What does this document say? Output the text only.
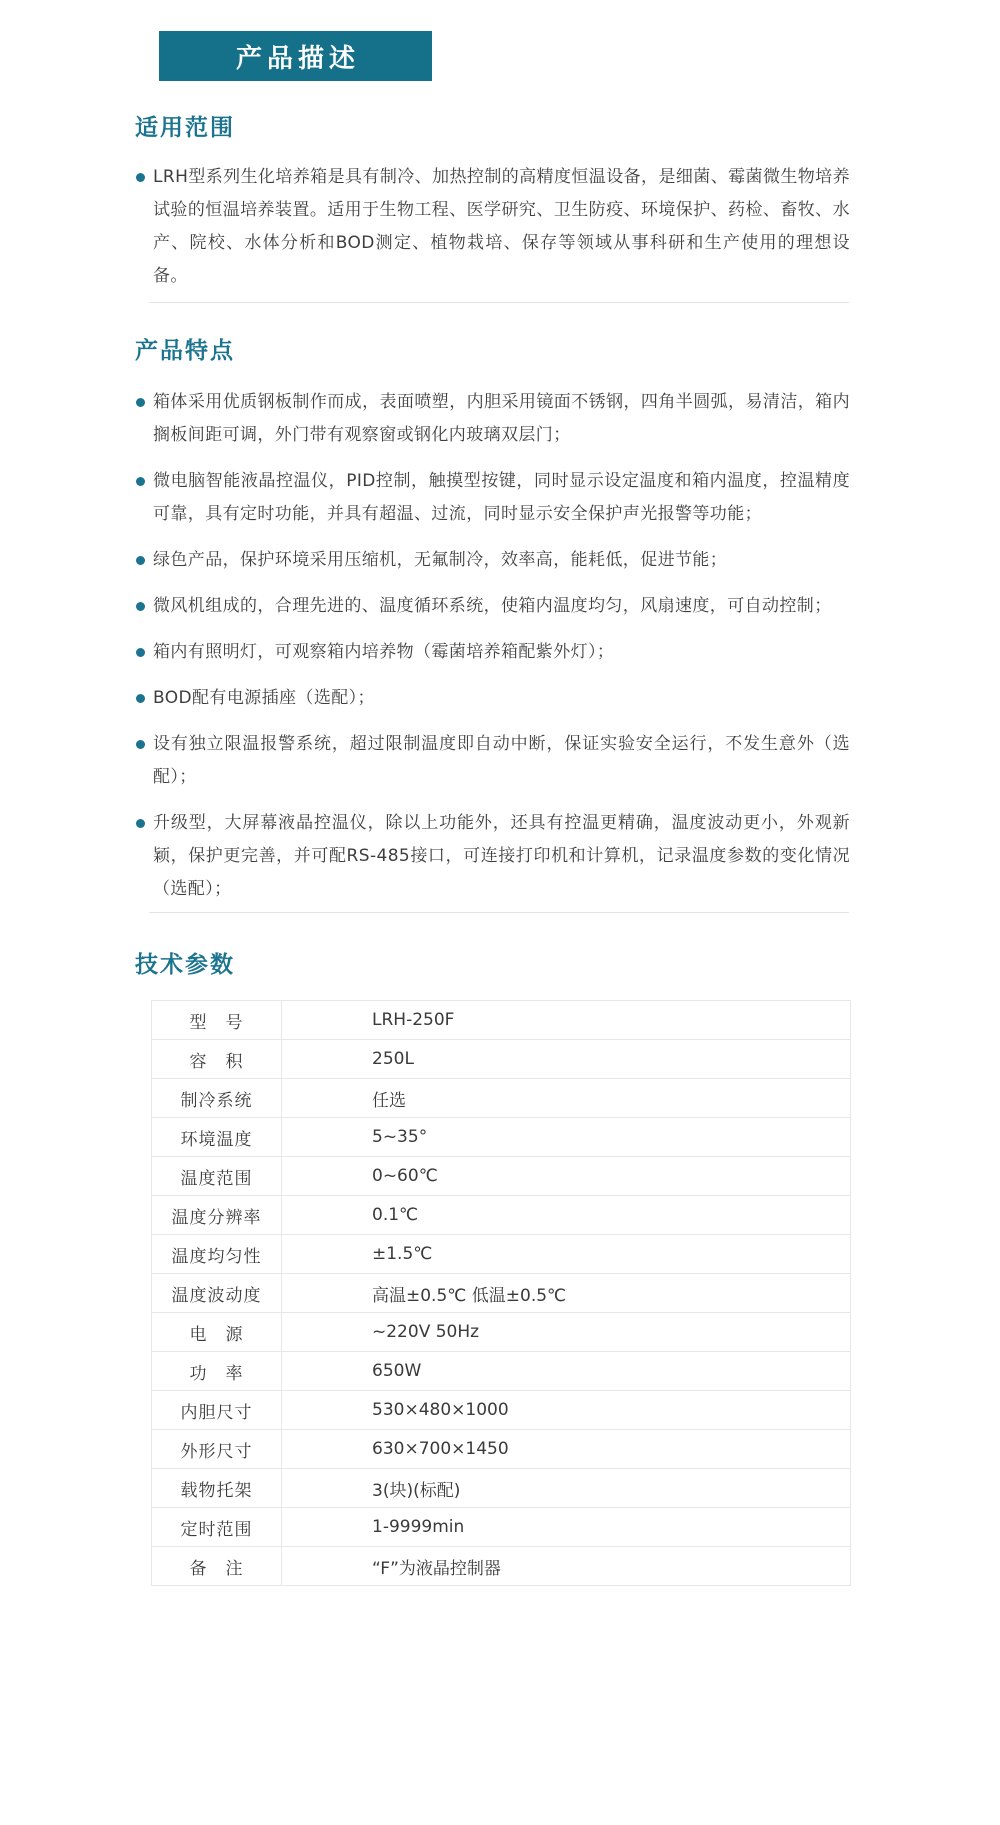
产品描述
适用范围
LRH型系列生化培养箱是具有制冷、加热控制的高精度恒温设备，是细菌、霉菌微生物培养试验的恒温培养装置。适用于生物工程、医学研究、卫生防疫、环境保护、药检、畜牧、水产、院校、水体分析和BOD测定、植物栽培、保存等领域从事科研和生产使用的理想设备。
产品特点
箱体采用优质钢板制作而成，表面喷塑，内胆采用镜面不锈钢，四角半圆弧，易清洁，箱内搁板间距可调，外门带有观察窗或钢化内玻璃双层门；
微电脑智能液晶控温仪，PID控制，触摸型按键，同时显示设定温度和箱内温度，控温精度可靠，具有定时功能，并具有超温、过流，同时显示安全保护声光报警等功能；
绿色产品，保护环境采用压缩机，无氟制冷，效率高，能耗低，促进节能；
微风机组成的，合理先进的、温度循环系统，使箱内温度均匀，风扇速度，可自动控制；
箱内有照明灯，可观察箱内培养物（霉菌培养箱配紫外灯）；
BOD配有电源插座（选配）；
设有独立限温报警系统，超过限制温度即自动中断，保证实验安全运行，不发生意外（选配）；
升级型，大屏幕液晶控温仪，除以上功能外，还具有控温更精确，温度波动更小，外观新颖，保护更完善，并可配RS-485接口，可连接打印机和计算机，记录温度参数的变化情况（选配）；
技术参数
型　号	LRH-250F
容　积	250L
制冷系统	任选
环境温度	5~35°
温度范围	0~60℃
温度分辨率	0.1℃
温度均匀性	±1.5℃
温度波动度	高温±0.5℃ 低温±0.5℃
电　源	~220V 50Hz
功　率	650W
内胆尺寸	530×480×1000
外形尺寸	630×700×1450
载物托架	3(块)(标配)
定时范围	1-9999min
备　注	“F”为液晶控制器
